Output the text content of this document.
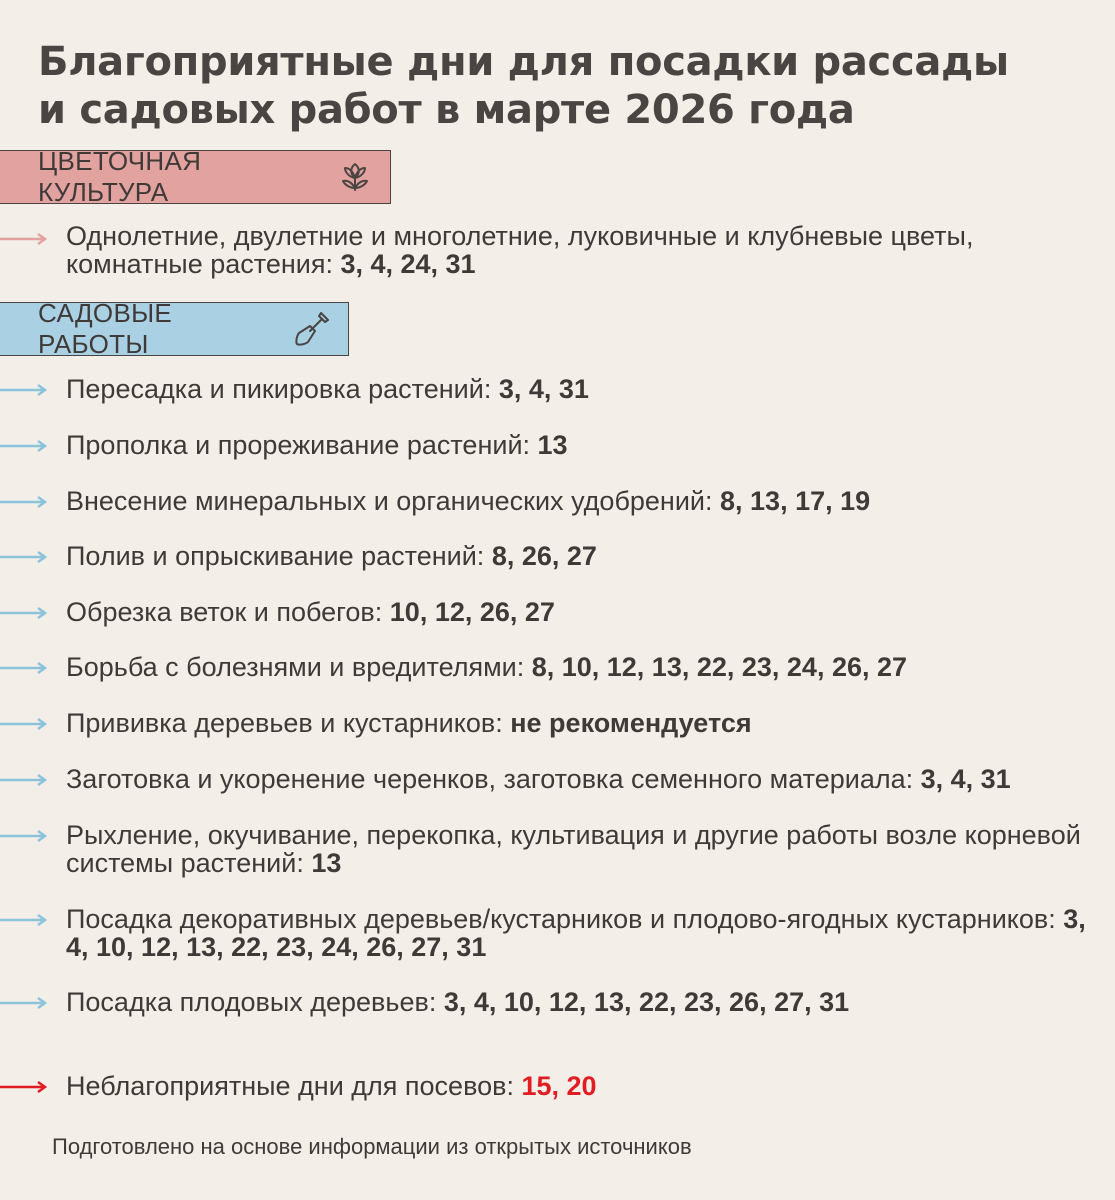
Благоприятные дни для посадки рассады
и садовых работ в марте 2026 года
ЦВЕТОЧНАЯ КУЛЬТУРА
Однолетние, двулетние и многолетние, луковичные и клубневые цветы, комнатные растения: 3, 4, 24, 31
САДОВЫЕ РАБОТЫ
Пересадка и пикировка растений: 3, 4, 31
Прополка и прореживание растений: 13
Внесение минеральных и органических удобрений: 8, 13, 17, 19
Полив и опрыскивание растений: 8, 26, 27
Обрезка веток и побегов: 10, 12, 26, 27
Борьба с болезнями и вредителями: 8, 10, 12, 13, 22, 23, 24, 26, 27
Прививка деревьев и кустарников: не рекомендуется
Заготовка и укоренение черенков, заготовка семенного материала: 3, 4, 31
Рыхление, окучивание, перекопка, культивация и другие работы возле корневой системы растений: 13
Посадка декоративных деревьев/кустарников и плодово-ягодных кустарников: 3, 4, 10, 12, 13, 22, 23, 24, 26, 27, 31
Посадка плодовых деревьев: 3, 4, 10, 12, 13, 22, 23, 26, 27, 31
Неблагоприятные дни для посевов: 15, 20
Подготовлено на основе информации из открытых источников
